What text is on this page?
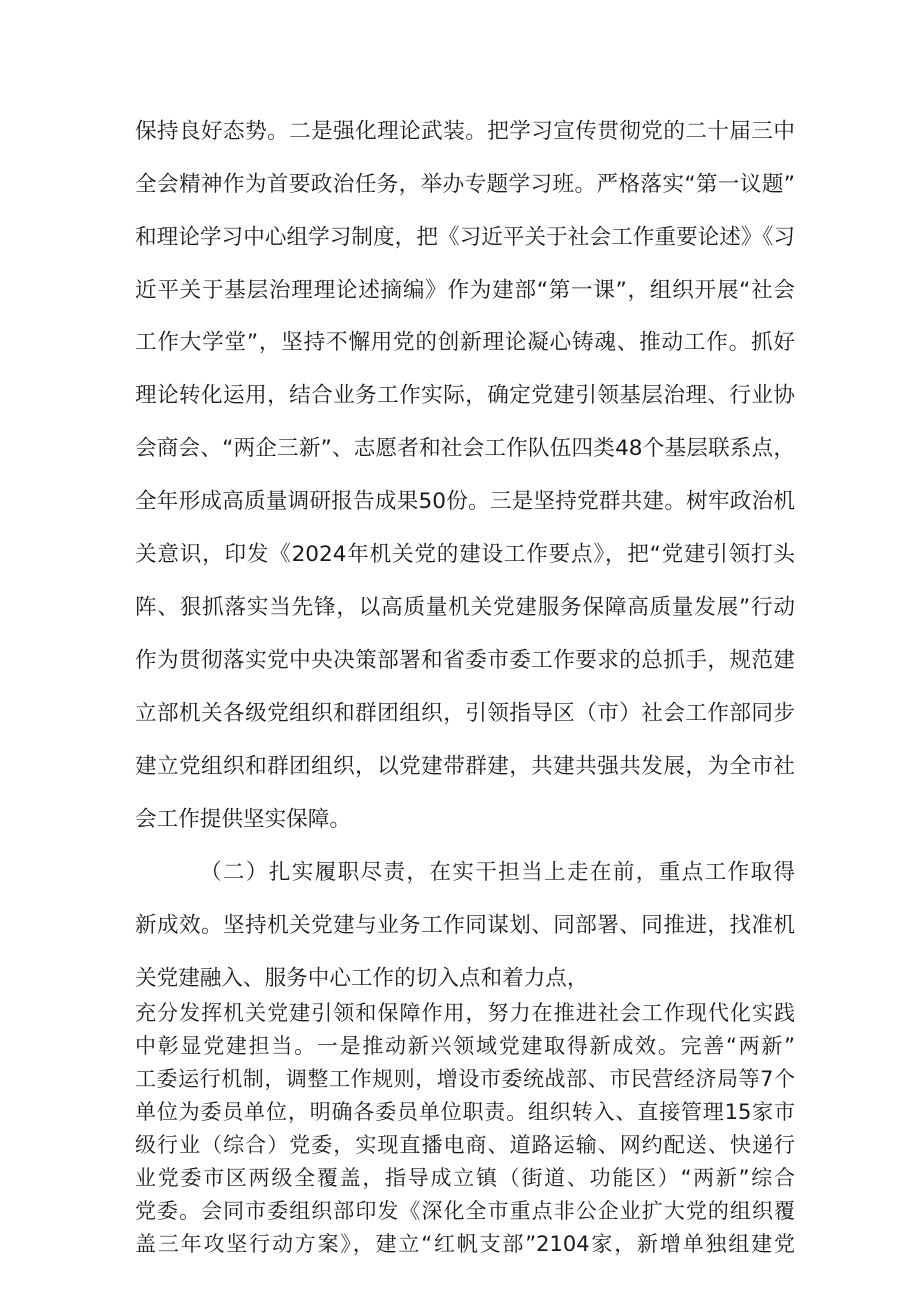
保持良好态势。二是强化理论武装。把学习宣传贯彻党的二十届三中
全会精神作为首要政治任务，举办专题学习班。严格落实“第一议题”
和理论学习中心组学习制度，把《习近平关于社会工作重要论述》《习
近平关于基层治理理论述摘编》作为建部“第一课”，组织开展“社会
工作大学堂”，坚持不懈用党的创新理论凝心铸魂、推动工作。抓好
理论转化运用，结合业务工作实际，确定党建引领基层治理、行业协
会商会、“两企三新”、志愿者和社会工作队伍四类48个基层联系点，
全年形成高质量调研报告成果50份。三是坚持党群共建。树牢政治机
关意识，印发《2024年机关党的建设工作要点》，把“党建引领打头
阵、狠抓落实当先锋，以高质量机关党建服务保障高质量发展”行动
作为贯彻落实党中央决策部署和省委市委工作要求的总抓手，规范建
立部机关各级党组织和群团组织，引领指导区（市）社会工作部同步
建立党组织和群团组织，以党建带群建，共建共强共发展，为全市社
会工作提供坚实保障。
（二）扎实履职尽责，在实干担当上走在前，重点工作取得
新成效。坚持机关党建与业务工作同谋划、同部署、同推进，找准机
关党建融入、服务中心工作的切入点和着力点，
充分发挥机关党建引领和保障作用，努力在推进社会工作现代化实践
中彰显党建担当。一是推动新兴领域党建取得新成效。完善“两新”
工委运行机制，调整工作规则，增设市委统战部、市民营经济局等7个
单位为委员单位，明确各委员单位职责。组织转入、直接管理15家市
级行业（综合）党委，实现直播电商、道路运输、网约配送、快递行
业党委市区两级全覆盖，指导成立镇（街道、功能区）“两新”综合
党委。会同市委组织部印发《深化全市重点非公企业扩大党的组织覆
盖三年攻坚行动方案》，建立“红帆支部”2104家，新增单独组建党
